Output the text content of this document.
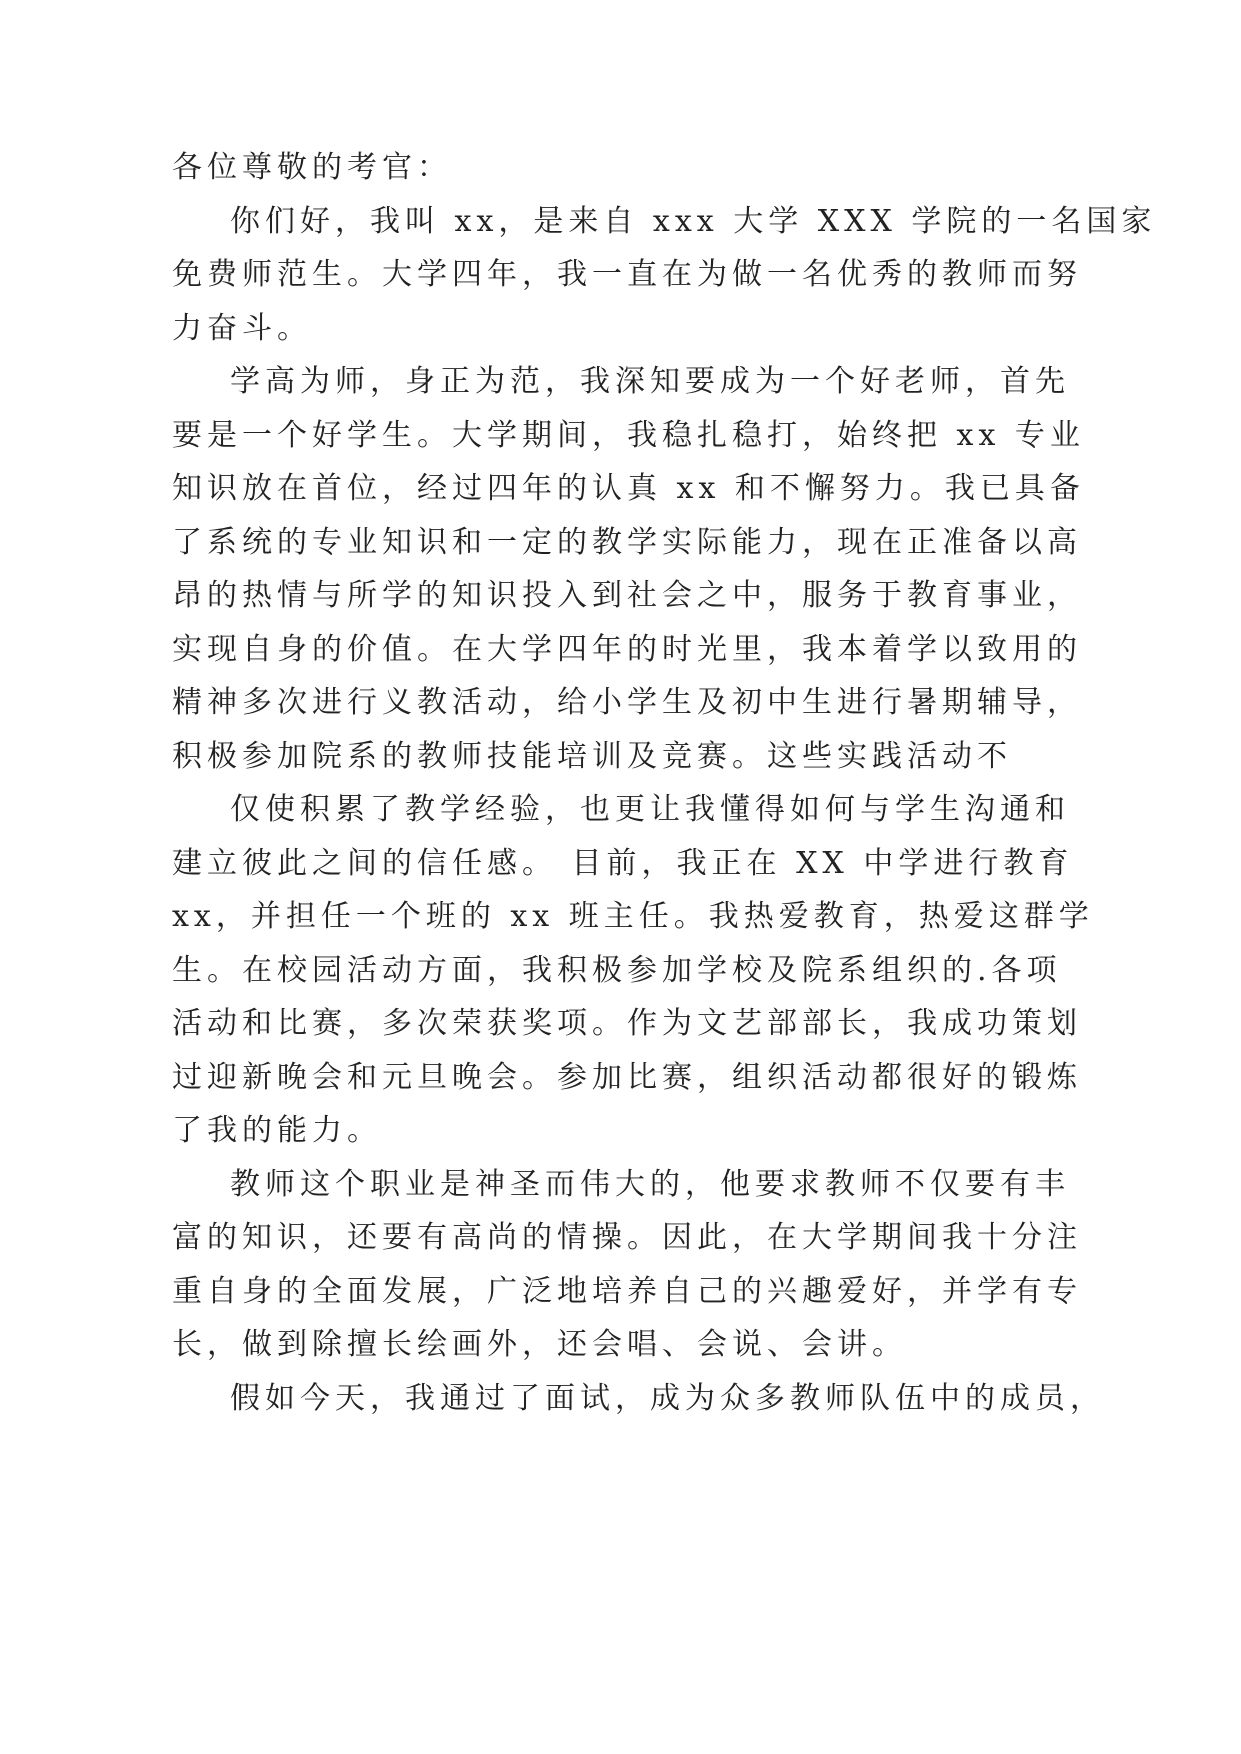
各位尊敬的考官：

你们好，我叫 xx，是来自 xxx 大学 XXX 学院的一名国家

免费师范生。大学四年，我一直在为做一名优秀的教师而努

力奋斗。

学高为师，身正为范，我深知要成为一个好老师，首先

要是一个好学生。大学期间，我稳扎稳打，始终把 xx 专业

知识放在首位，经过四年的认真 xx 和不懈努力。我已具备

了系统的专业知识和一定的教学实际能力，现在正准备以高

昂的热情与所学的知识投入到社会之中，服务于教育事业，

实现自身的价值。在大学四年的时光里，我本着学以致用的

精神多次进行义教活动，给小学生及初中生进行暑期辅导，

积极参加院系的教师技能培训及竞赛。这些实践活动不

仅使积累了教学经验，也更让我懂得如何与学生沟通和

建立彼此之间的信任感。 目前，我正在 XX 中学进行教育

xx，并担任一个班的 xx 班主任。我热爱教育，热爱这群学

生。在校园活动方面，我积极参加学校及院系组织的.各项

活动和比赛，多次荣获奖项。作为文艺部部长，我成功策划

过迎新晚会和元旦晚会。参加比赛，组织活动都很好的锻炼

了我的能力。

教师这个职业是神圣而伟大的，他要求教师不仅要有丰

富的知识，还要有高尚的情操。因此，在大学期间我十分注

重自身的全面发展，广泛地培养自己的兴趣爱好，并学有专

长，做到除擅长绘画外，还会唱、会说、会讲。

假如今天，我通过了面试，成为众多教师队伍中的成员，
